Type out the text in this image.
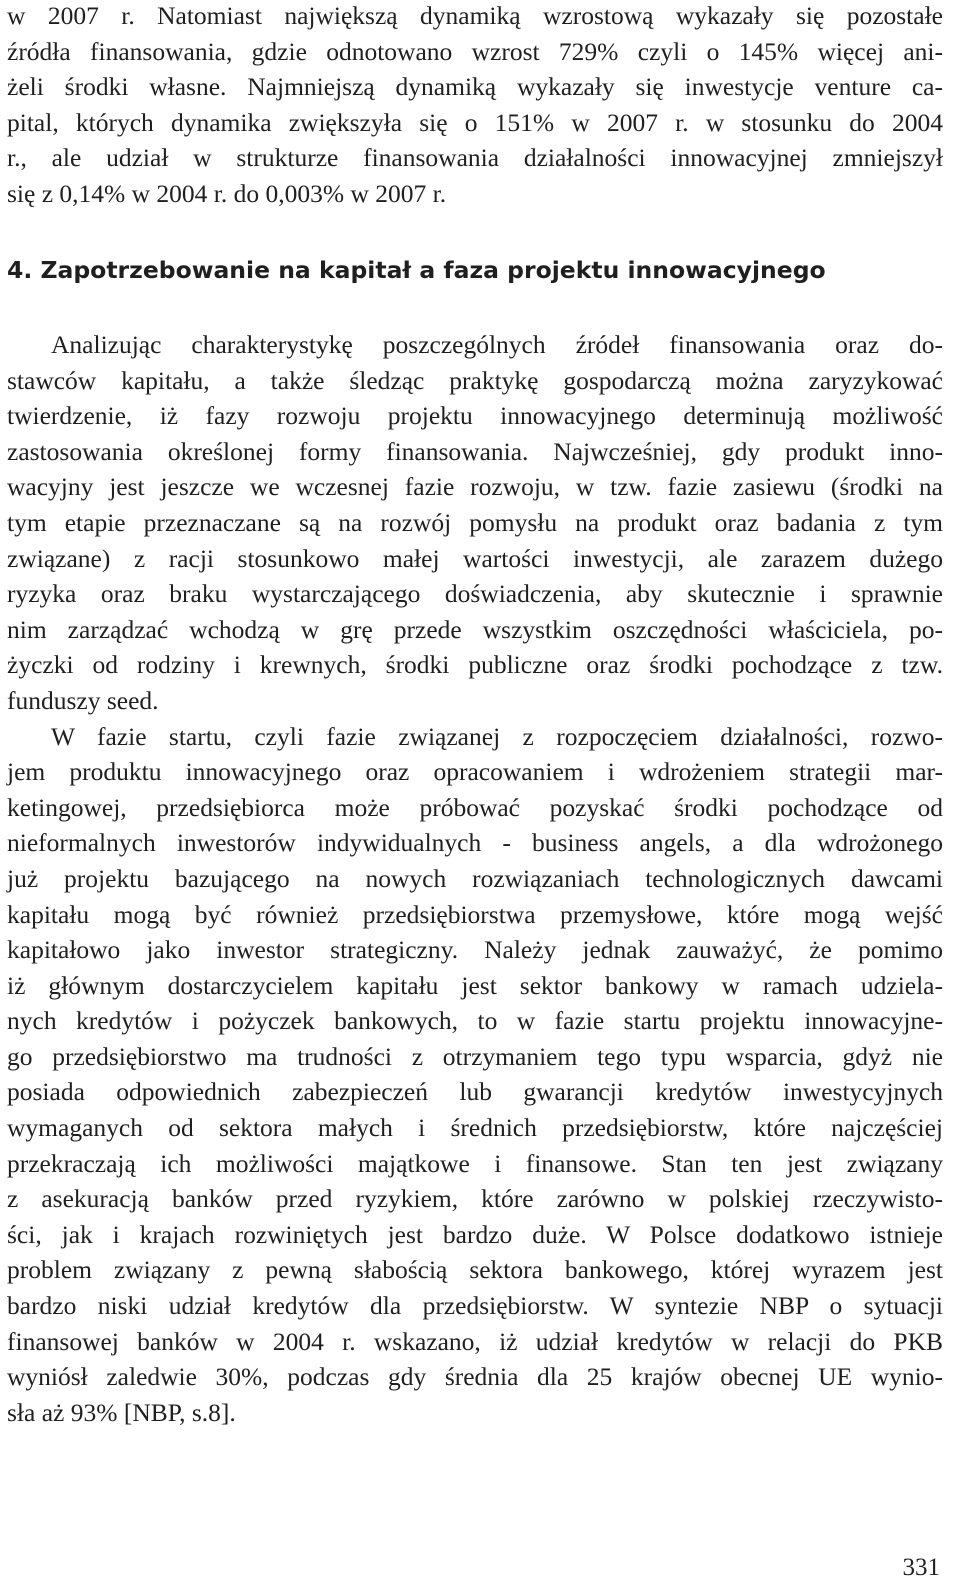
w 2007 r. Natomiast największą dynamiką wzrostową wykazały się pozostałe
źródła finansowania, gdzie odnotowano wzrost 729% czyli o 145% więcej ani-
żeli środki własne. Najmniejszą dynamiką wykazały się inwestycje venture ca-
pital, których dynamika zwiększyła się o 151% w 2007 r. w stosunku do 2004
r., ale udział w strukturze finansowania działalności innowacyjnej zmniejszył
się z 0,14% w 2004 r. do 0,003% w 2007 r.
4. Zapotrzebowanie na kapitał a faza projektu innowacyjnego
Analizując charakterystykę poszczególnych źródeł finansowania oraz do-
stawców kapitału, a także śledząc praktykę gospodarczą można zaryzykować
twierdzenie, iż fazy rozwoju projektu innowacyjnego determinują możliwość
zastosowania określonej formy finansowania. Najwcześniej, gdy produkt inno-
wacyjny jest jeszcze we wczesnej fazie rozwoju, w tzw. fazie zasiewu (środki na
tym etapie przeznaczane są na rozwój pomysłu na produkt oraz badania z tym
związane) z racji stosunkowo małej wartości inwestycji, ale zarazem dużego
ryzyka oraz braku wystarczającego doświadczenia, aby skutecznie i sprawnie
nim zarządzać wchodzą w grę przede wszystkim oszczędności właściciela, po-
życzki od rodziny i krewnych, środki publiczne oraz środki pochodzące z tzw.
funduszy seed.
W fazie startu, czyli fazie związanej z rozpoczęciem działalności, rozwo-
jem produktu innowacyjnego oraz opracowaniem i wdrożeniem strategii mar-
ketingowej, przedsiębiorca może próbować pozyskać środki pochodzące od
nieformalnych inwestorów indywidualnych - business angels, a dla wdrożonego
już projektu bazującego na nowych rozwiązaniach technologicznych dawcami
kapitału mogą być również przedsiębiorstwa przemysłowe, które mogą wejść
kapitałowo jako inwestor strategiczny. Należy jednak zauważyć, że pomimo
iż głównym dostarczycielem kapitału jest sektor bankowy w ramach udziela-
nych kredytów i pożyczek bankowych, to w fazie startu projektu innowacyjne-
go przedsiębiorstwo ma trudności z otrzymaniem tego typu wsparcia, gdyż nie
posiada odpowiednich zabezpieczeń lub gwarancji kredytów inwestycyjnych
wymaganych od sektora małych i średnich przedsiębiorstw, które najczęściej
przekraczają ich możliwości majątkowe i finansowe. Stan ten jest związany
z asekuracją banków przed ryzykiem, które zarówno w polskiej rzeczywisto-
ści, jak i krajach rozwiniętych jest bardzo duże. W Polsce dodatkowo istnieje
problem związany z pewną słabością sektora bankowego, której wyrazem jest
bardzo niski udział kredytów dla przedsiębiorstw. W syntezie NBP o sytuacji
finansowej banków w 2004 r. wskazano, iż udział kredytów w relacji do PKB
wyniósł zaledwie 30%, podczas gdy średnia dla 25 krajów obecnej UE wynio-
sła aż 93% [NBP, s.8].
331
